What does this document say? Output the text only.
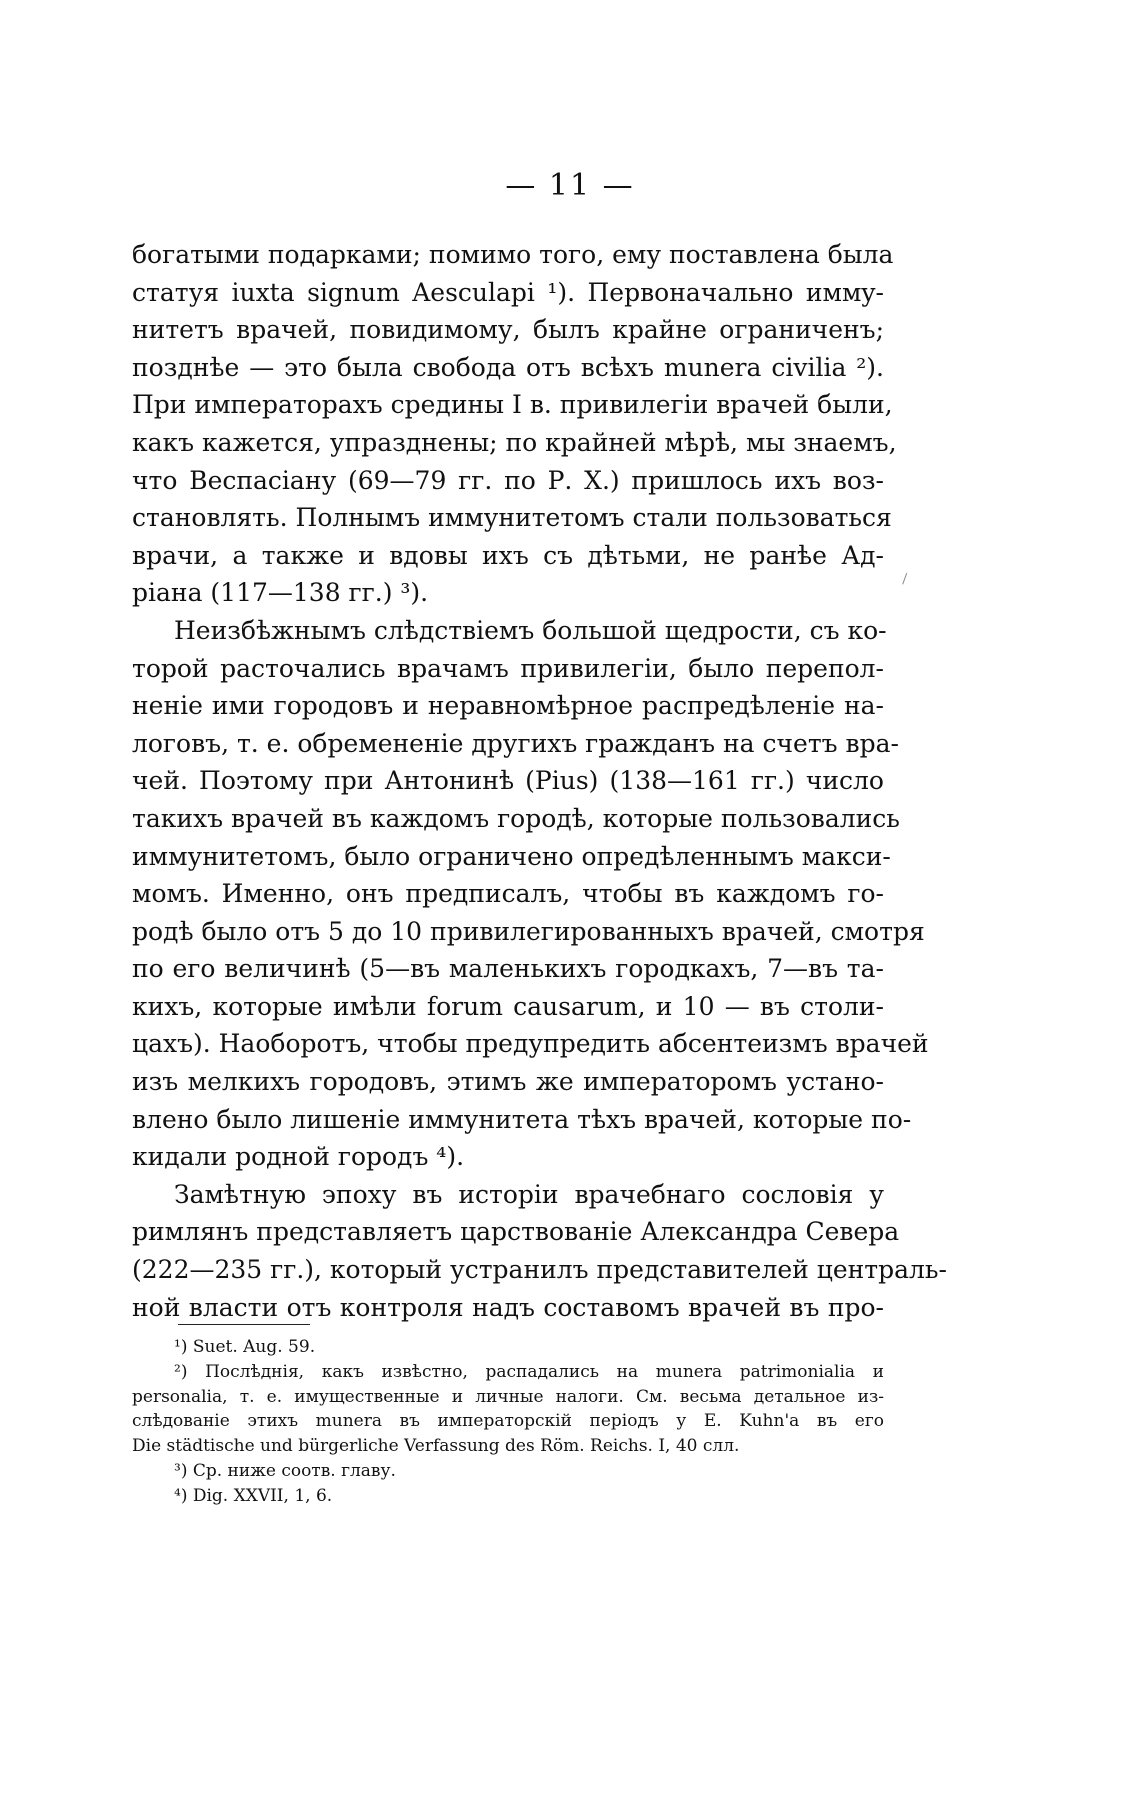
— 11 —
богатыми подарками; помимо того, ему поставлена была
статуя iuxta signum Aesculapi ¹). Первоначально иммy-
нитетъ врачей, повидимому, былъ крайне ограниченъ;
позднѣе — это была свобода отъ всѣхъ munera civilia ²).
При императорахъ средины I в. привилегіи врачей были,
какъ кажется, упразднены; по крайней мѣрѣ, мы знаемъ,
что Веспасіану (69—79 гг. по Р. Х.) пришлось ихъ воз-
становлять. Полнымъ иммунитетомъ стали пользоваться
врачи, а также и вдовы ихъ съ дѣтьми, не ранѣе Ад-
ріана (117—138 гг.) ³).
Неизбѣжнымъ слѣдствіемъ большой щедрости, съ ко-
торой расточались врачамъ привилегіи, было перепол-
неніе ими городовъ и неравномѣрное распредѣленіе на-
логовъ, т. е. обремененіе другихъ гражданъ на счетъ вра-
чей. Поэтому при Антонинѣ (Pius) (138—161 гг.) число
такихъ врачей въ каждомъ городѣ, которые пользовались
иммунитетомъ, было ограничено опредѣленнымъ макси-
момъ. Именно, онъ предписалъ, чтобы въ каждомъ го-
родѣ было отъ 5 до 10 привилегированныхъ врачей, смотря
по его величинѣ (5—въ маленькихъ городкахъ, 7—въ та-
кихъ, которые имѣли forum causarum, и 10 — въ столи-
цахъ). Наоборотъ, чтобы предупредить абсентеизмъ врачей
изъ мелкихъ городовъ, этимъ же императоромъ устано-
влено было лишеніе иммунитета тѣхъ врачей, которые по-
кидали родной городъ ⁴).
Замѣтную эпоху въ исторіи врачебнаго сословія у
римлянъ представляетъ царствованіе Александра Севера
(222—235 гг.), который устранилъ представителей централь-
ной власти отъ контроля надъ составомъ врачей въ про-
¹) Suet. Aug. 59.
²) Послѣднія, какъ извѣстно, распадались на munera patrimonialia и
personalia, т. е. имущественные и личные налоги. См. весьма детальное из-
слѣдованіе этихъ munera въ императорскій періодъ у E. Kuhn'a въ его
Die städtische und bürgerliche Verfassung des Röm. Reichs. I, 40 слл.
³) Ср. ниже соотв. главу.
⁴) Dig. XXVII, 1, 6.
